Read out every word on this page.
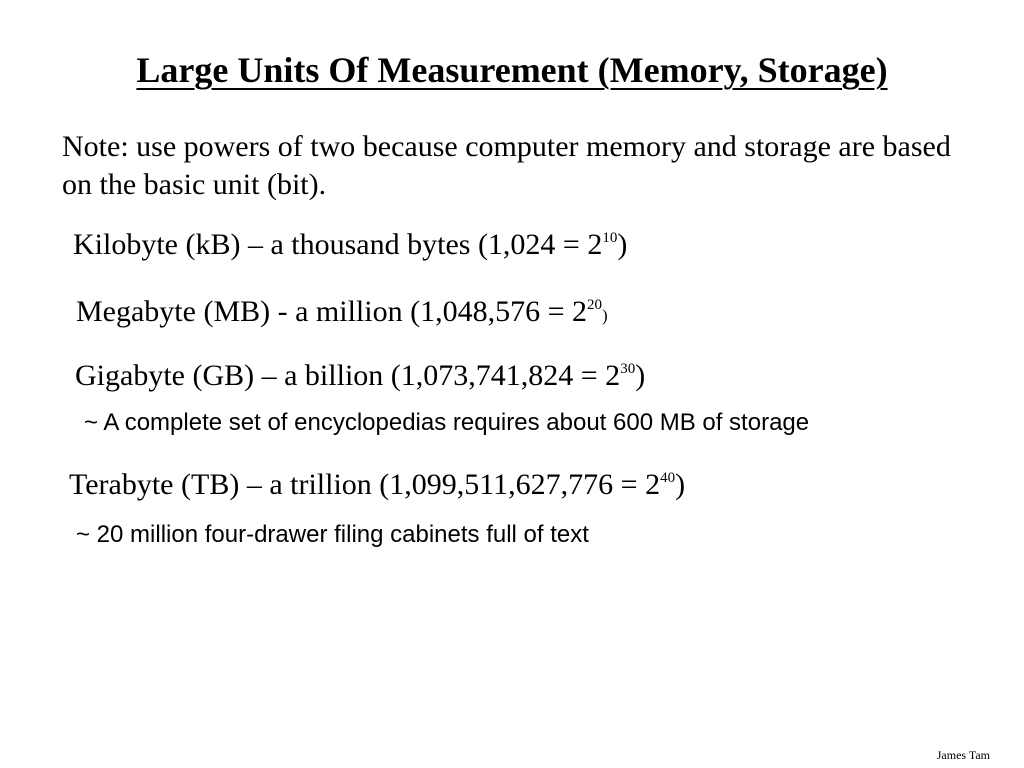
Large Units Of Measurement (Memory, Storage)
Note: use powers of two because computer memory and storage are based on the basic unit (bit).
Kilobyte (kB) – a thousand bytes $(1,024 = 2^{10})$
Megabyte (MB) - a million $(1,048,576 = 2^{20})$
Gigabyte (GB) – a billion $(1,073,741,824 = 2^{30})$
~ A complete set of encyclopedias requires about 600 MB of storage
Terabyte (TB) – a trillion $(1,099,511,627,776 = 2^{40})$
~ 20 million four-drawer filing cabinets full of text
James Tam
